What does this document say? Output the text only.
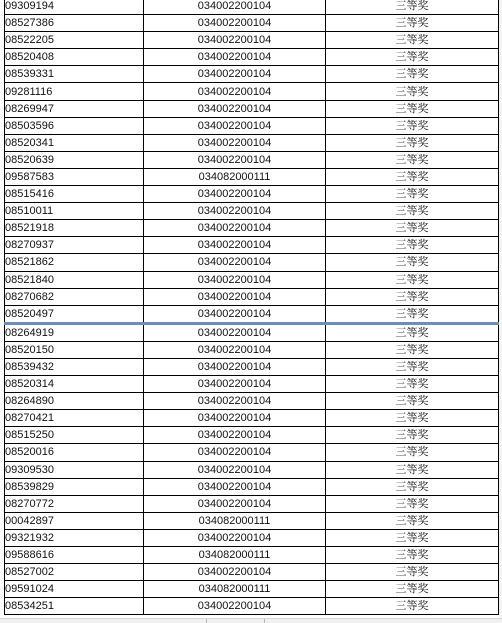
09309194	034002200104	三等奖
08527386	034002200104	三等奖
08522205	034002200104	三等奖
08520408	034002200104	三等奖
08539331	034002200104	三等奖
09281116	034002200104	三等奖
08269947	034002200104	三等奖
08503596	034002200104	三等奖
08520341	034002200104	三等奖
08520639	034002200104	三等奖
09587583	034082000111	三等奖
08515416	034002200104	三等奖
08510011	034002200104	三等奖
08521918	034002200104	三等奖
08270937	034002200104	三等奖
08521862	034002200104	三等奖
08521840	034002200104	三等奖
08270682	034002200104	三等奖
08520497	034002200104	三等奖
08264919	034002200104	三等奖
08520150	034002200104	三等奖
08539432	034002200104	三等奖
08520314	034002200104	三等奖
08264890	034002200104	三等奖
08270421	034002200104	三等奖
08515250	034002200104	三等奖
08520016	034002200104	三等奖
09309530	034002200104	三等奖
08539829	034002200104	三等奖
08270772	034002200104	三等奖
00042897	034082000111	三等奖
09321932	034002200104	三等奖
09588616	034082000111	三等奖
08527002	034002200104	三等奖
09591024	034082000111	三等奖
08534251	034002200104	三等奖
